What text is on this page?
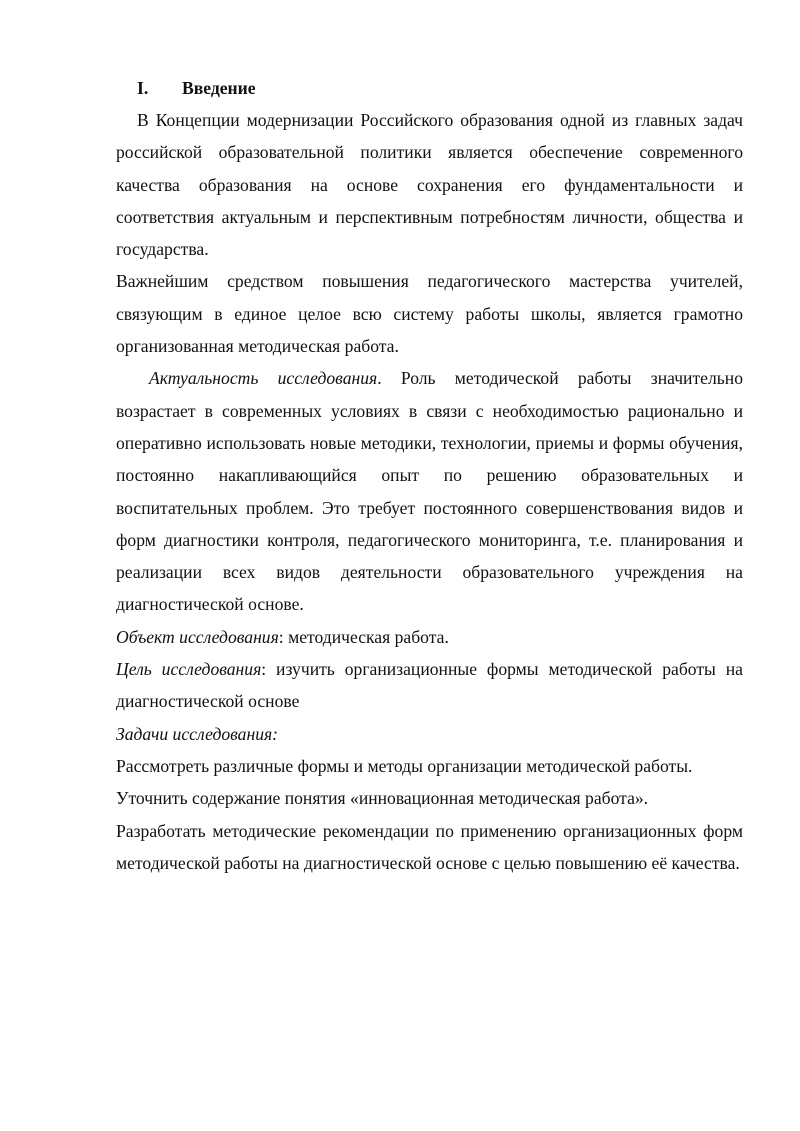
I.	Введение

В Концепции модернизации Российского образования одной из главных задач российской образовательной политики является обеспечение современного качества образования на основе сохранения его фундаментальности и соответствия актуальным и перспективным потребностям личности, общества и государства.

Важнейшим средством повышения педагогического мастерства учителей, связующим в единое целое всю систему работы школы, является грамотно организованная методическая работа.

Актуальность исследования. Роль методической работы значительно возрастает в современных условиях в связи с необходимостью рационально и оперативно использовать новые методики, технологии, приемы и формы обучения, постоянно накапливающийся опыт по решению образовательных и воспитательных проблем. Это требует постоянного совершенствования видов и форм диагностики контроля, педагогического мониторинга, т.е. планирования и реализации всех видов деятельности образовательного учреждения на диагностической основе.

Объект исследования: методическая работа.

Цель исследования: изучить организационные формы методической работы на диагностической основе

Задачи исследования:

Рассмотреть различные формы и методы организации методической работы.

Уточнить содержание понятия «инновационная методическая работа».

Разработать методические рекомендации по применению организационных форм методической работы на диагностической основе с целью повышению её качества.
